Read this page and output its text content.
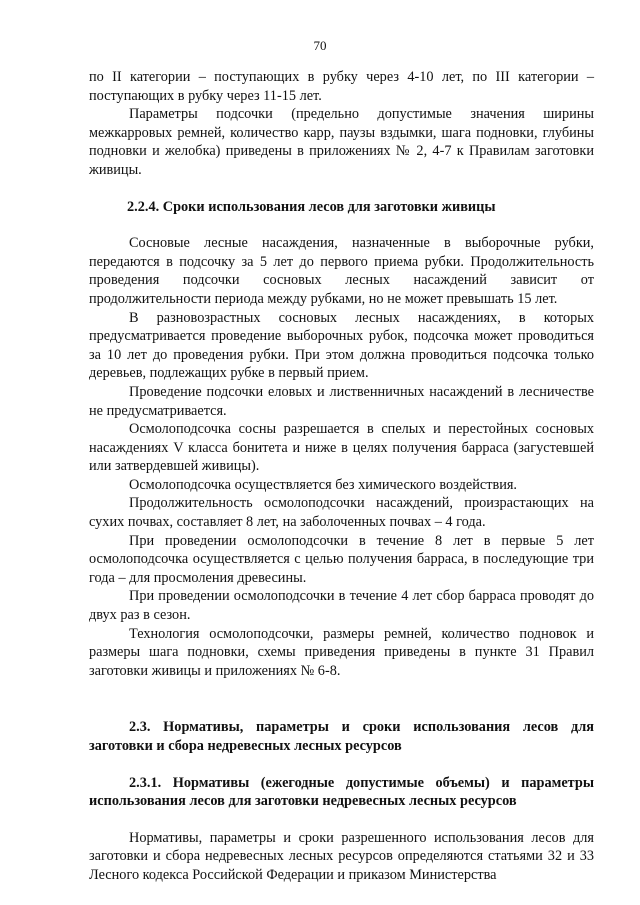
70

по II категории – поступающих в рубку через 4-10 лет, по III категории – поступающих в рубку через 11-15 лет.

Параметры подсочки (предельно допустимые значения ширины межкарровых ремней, количество карр, паузы вздымки, шага подновки, глубины подновки и желобка) приведены в приложениях № 2, 4-7 к Правилам заготовки живицы.

2.2.4. Сроки использования лесов для заготовки живицы

Сосновые лесные насаждения, назначенные в выборочные рубки, передаются в подсочку за 5 лет до первого приема рубки. Продолжительность проведения подсочки сосновых лесных насаждений зависит от продолжительности периода между рубками, но не может превышать 15 лет.

В разновозрастных сосновых лесных насаждениях, в которых предусматривается проведение выборочных рубок, подсочка может проводиться за 10 лет до проведения рубки. При этом должна проводиться подсочка только деревьев, подлежащих рубке в первый прием.

Проведение подсочки еловых и лиственничных насаждений в лесничестве не предусматривается.

Осмолоподсочка сосны разрешается в спелых и перестойных сосновых насаждениях V класса бонитета и ниже в целях получения барраса (загустевшей или затвердевшей живицы).

Осмолоподсочка осуществляется без химического воздействия.

Продолжительность осмолоподсочки насаждений, произрастающих на сухих почвах, составляет 8 лет, на заболоченных почвах – 4 года.

При проведении осмолоподсочки в течение 8 лет в первые 5 лет осмолоподсочка осуществляется с целью получения барраса, в последующие три года – для просмоления древесины.

При проведении осмолоподсочки в течение 4 лет сбор барраса проводят до двух раз в сезон.

Технология осмолоподсочки, размеры ремней, количество подновок и размеры шага подновки, схемы приведения приведены в пункте 31 Правил заготовки живицы и приложениях № 6-8.

2.3. Нормативы, параметры и сроки использования лесов для заготовки и сбора недревесных лесных ресурсов
2.3.1. Нормативы (ежегодные допустимые объемы) и параметры использования лесов для заготовки недревесных лесных ресурсов

Нормативы, параметры и сроки разрешенного использования лесов для заготовки и сбора недревесных лесных ресурсов определяются статьями 32 и 33 Лесного кодекса Российской Федерации и приказом Министерства
